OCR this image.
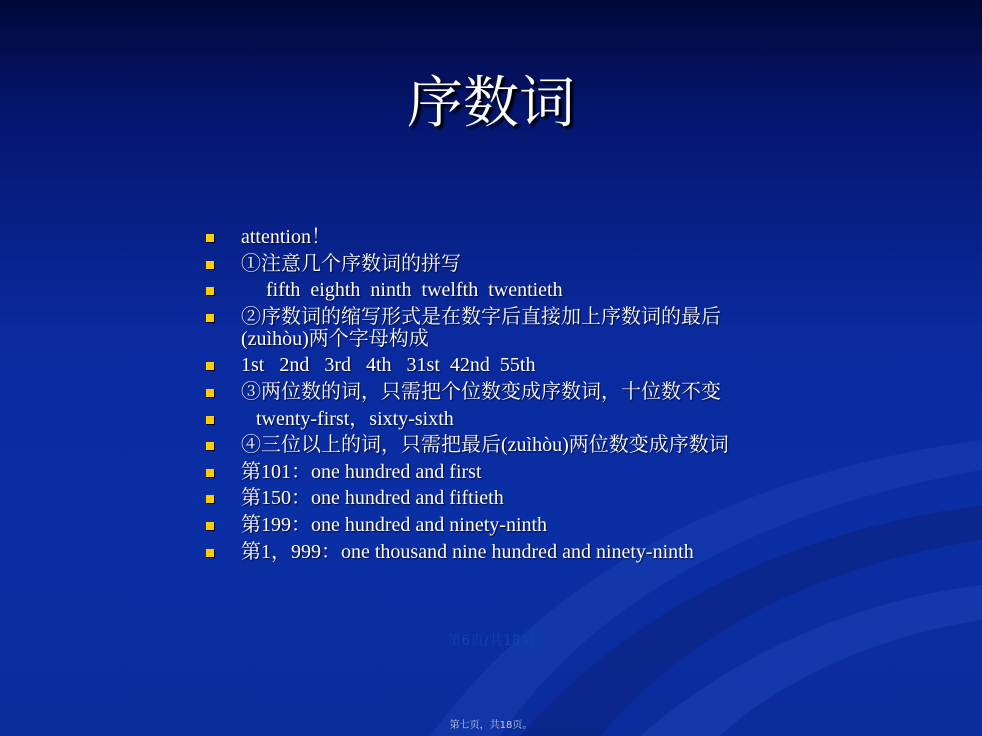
序数词
attention！
①注意几个序数词的拼写
fifth  eighth  ninth  twelfth  twentieth
②序数词的缩写形式是在数字后直接加上序数词的最后(zuìhòu)两个字母构成
1st   2nd   3rd   4th   31st  42nd  55th
③两位数的词，只需把个位数变成序数词，十位数不变
twenty-first，sixty-sixth
④三位以上的词，只需把最后(zuìhòu)两位数变成序数词
第101：one hundred and first
第150：one hundred and fiftieth
第199：one hundred and ninety-ninth
第1，999：one thousand nine hundred and ninety-ninth
第6页/共18页
第七页，共18页。
